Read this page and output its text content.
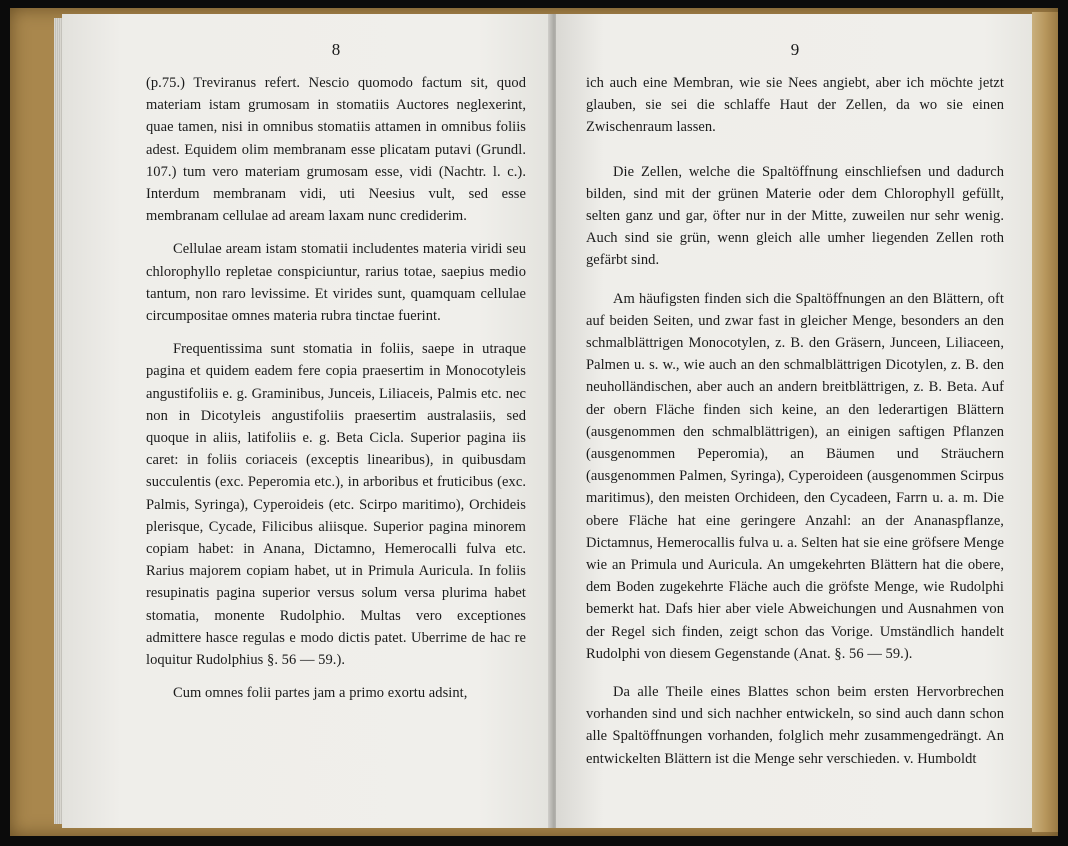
8

(p.75.) Treviranus refert. Nescio quomodo factum sit, quod materiam istam grumosam in stomatiis Auctores neglexerint, quae tamen, nisi in omnibus stomatiis attamen in omnibus foliis adest. Equidem olim membranam esse plicatam putavi (Grundl. 107.) tum vero materiam grumosam esse, vidi (Nachtr. l. c.). Interdum membranam vidi, uti Neesius vult, sed esse membranam cellulae ad aream laxam nunc crediderim.

Cellulae aream istam stomatii includentes materia viridi seu chlorophyllo repletae conspiciuntur, rarius totae, saepius medio tantum, non raro levissime. Et virides sunt, quamquam cellulae circumpositae omnes materia rubra tinctae fuerint.

Frequentissima sunt stomatia in foliis, saepe in utraque pagina et quidem eadem fere copia praesertim in Monocotyleis angustifoliis e. g. Graminibus, Junceis, Liliaceis, Palmis etc. nec non in Dicotyleis angustifoliis praesertim australasiis, sed quoque in aliis, latifoliis e. g. Beta Cicla. Superior pagina iis caret: in foliis coriaceis (exceptis linearibus), in quibusdam succulentis (exc. Peperomia etc.), in arboribus et fruticibus (exc. Palmis, Syringa), Cyperoideis (etc. Scirpo maritimo), Orchideis plerisque, Cycade, Filicibus aliisque. Superior pagina minorem copiam habet: in Anana, Dictamno, Hemerocalli fulva etc. Rarius majorem copiam habet, ut in Primula Auricula. In foliis resupinatis pagina superior versus solum versa plurima habet stomatia, monente Rudolphio. Multas vero exceptiones admittere hasce regulas e modo dictis patet. Uberrime de hac re loquitur Rudolphius §. 56 — 59.).

Cum omnes folii partes jam a primo exortu adsint,

9

ich auch eine Membran, wie sie Nees angiebt, aber ich möchte jetzt glauben, sie sei die schlaffe Haut der Zellen, da wo sie einen Zwischenraum lassen.

Die Zellen, welche die Spaltöffnung einschliefsen und dadurch bilden, sind mit der grünen Materie oder dem Chlorophyll gefüllt, selten ganz und gar, öfter nur in der Mitte, zuweilen nur sehr wenig. Auch sind sie grün, wenn gleich alle umher liegenden Zellen roth gefärbt sind.

Am häufigsten finden sich die Spaltöffnungen an den Blättern, oft auf beiden Seiten, und zwar fast in gleicher Menge, besonders an den schmalblättrigen Monocotylen, z. B. den Gräsern, Junceen, Liliaceen, Palmen u. s. w., wie auch an den schmalblättrigen Dicotylen, z. B. den neuholländischen, aber auch an andern breitblättrigen, z. B. Beta. Auf der obern Fläche finden sich keine, an den lederartigen Blättern (ausgenommen den schmalblättrigen), an einigen saftigen Pflanzen (ausgenommen Peperomia), an Bäumen und Sträuchern (ausgenommen Palmen, Syringa), Cyperoideen (ausgenommen Scirpus maritimus), den meisten Orchideen, den Cycadeen, Farrn u. a. m. Die obere Fläche hat eine geringere Anzahl: an der Ananaspflanze, Dictamnus, Hemerocallis fulva u. a. Selten hat sie eine gröfsere Menge wie an Primula und Auricula. An umgekehrten Blättern hat die obere, dem Boden zugekehrte Fläche auch die gröfste Menge, wie Rudolphi bemerkt hat. Dafs hier aber viele Abweichungen und Ausnahmen von der Regel sich finden, zeigt schon das Vorige. Umständlich handelt Rudolphi von diesem Gegenstande (Anat. §. 56 — 59.).

Da alle Theile eines Blattes schon beim ersten Hervorbrechen vorhanden sind und sich nachher entwickeln, so sind auch dann schon alle Spaltöffnungen vorhanden, folglich mehr zusammengedrängt. An entwickelten Blättern ist die Menge sehr verschieden. v. Humboldt
